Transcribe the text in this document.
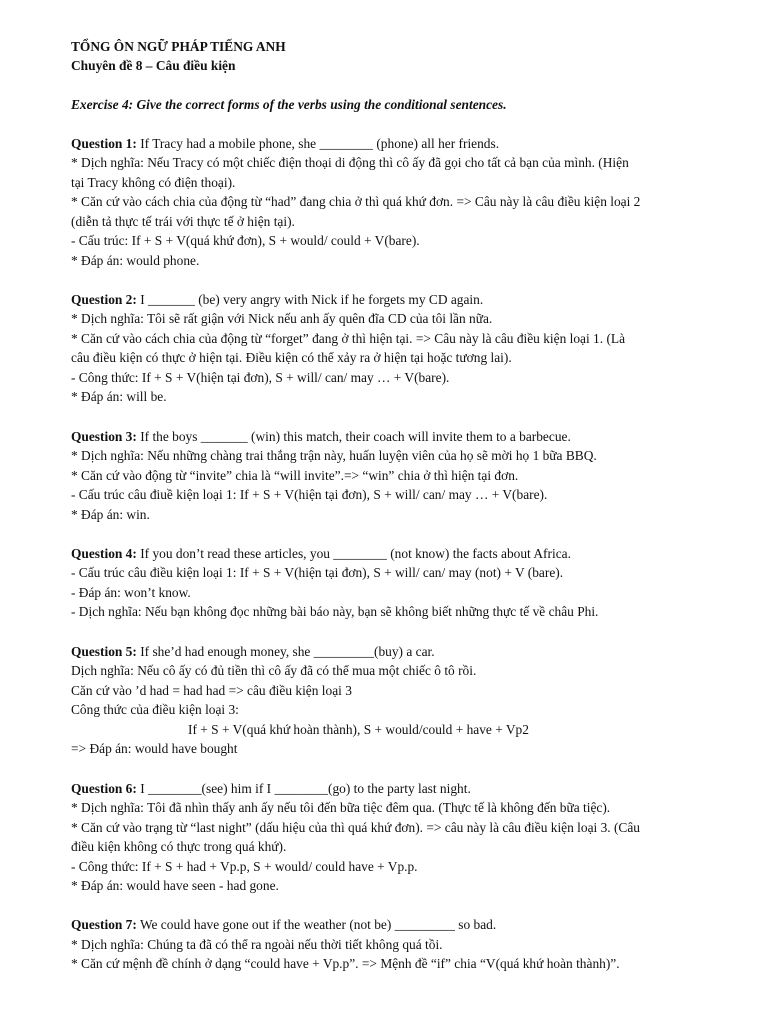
TỔNG ÔN NGỮ PHÁP TIẾNG ANH
Chuyên đề 8 – Câu điều kiện
Exercise 4: Give the correct forms of the verbs using the conditional sentences.
Question 1: If Tracy had a mobile phone, she ________ (phone) all her friends.
* Dịch nghĩa: Nếu Tracy có một chiếc điện thoại di động thì cô ấy đã gọi cho tất cả bạn của mình. (Hiện
tại Tracy không có điện thoại).
* Căn cứ vào cách chia của động từ “had” đang chia ở thì quá khứ đơn. => Câu này là câu điều kiện loại 2
(diễn tả thực tế trái với thực tế ở hiện tại).
- Cấu trúc: If + S + V(quá khứ đơn), S + would/ could + V(bare).
* Đáp án: would phone.
Question 2: I _______ (be) very angry with Nick if he forgets my CD again.
* Dịch nghĩa: Tôi sẽ rất giận với Nick nếu anh ấy quên đĩa CD của tôi lần nữa.
* Căn cứ vào cách chia của động từ “forget” đang ở thì hiện tại. => Câu này là câu điều kiện loại 1. (Là
câu điều kiện có thực ở hiện tại. Điều kiện có thể xảy ra ở hiện tại hoặc tương lai).
- Công thức: If + S + V(hiện tại đơn), S + will/ can/ may … + V(bare).
* Đáp án: will be.
Question 3: If the boys _______ (win) this match, their coach will invite them to a barbecue.
* Dịch nghĩa: Nếu những chàng trai thắng trận này, huấn luyện viên của họ sẽ mời họ 1 bữa BBQ.
* Căn cứ vào động từ “invite” chia là “will invite”.=> “win” chia ở thì hiện tại đơn.
- Cấu trúc câu điuề kiện loại 1: If + S + V(hiện tại đơn), S + will/ can/ may … + V(bare).
* Đáp án: win.
Question 4: If you don’t read these articles, you ________ (not know) the facts about Africa.
- Cấu trúc câu điều kiện loại 1: If + S + V(hiện tại đơn), S + will/ can/ may (not) + V (bare).
- Đáp án: won’t know.
- Dịch nghĩa: Nếu bạn không đọc những bài báo này, bạn sẽ không biết những thực tế về châu Phi.
Question 5: If she’d had enough money, she _________(buy) a car.
Dịch nghĩa: Nếu cô ấy có đủ tiền thì cô ấy đã có thể mua một chiếc ô tô rồi.
Căn cứ vào ’d had = had had => câu điều kiện loại 3
Công thức của điều kiện loại 3:
If + S + V(quá khứ hoàn thành), S + would/could + have + Vp2
=> Đáp án: would have bought
Question 6: I ________(see) him if I ________(go) to the party last night.
* Dịch nghĩa: Tôi đã nhìn thấy anh ấy nếu tôi đến bữa tiệc đêm qua. (Thực tế là không đến bữa tiệc).
* Căn cứ vào trạng từ “last night” (dấu hiệu của thì quá khứ đơn). => câu này là câu điều kiện loại 3. (Câu
điều kiện không có thực trong quá khứ).
- Công thức: If + S + had + Vp.p, S + would/ could have + Vp.p.
* Đáp án: would have seen - had gone.
Question 7: We could have gone out if the weather (not be) _________ so bad.
* Dịch nghĩa: Chúng ta đã có thể ra ngoài nếu thời tiết không quá tồi.
* Căn cứ mệnh đề chính ở dạng “could have + Vp.p”. => Mệnh đề “if” chia “V(quá khứ hoàn thành)”.
